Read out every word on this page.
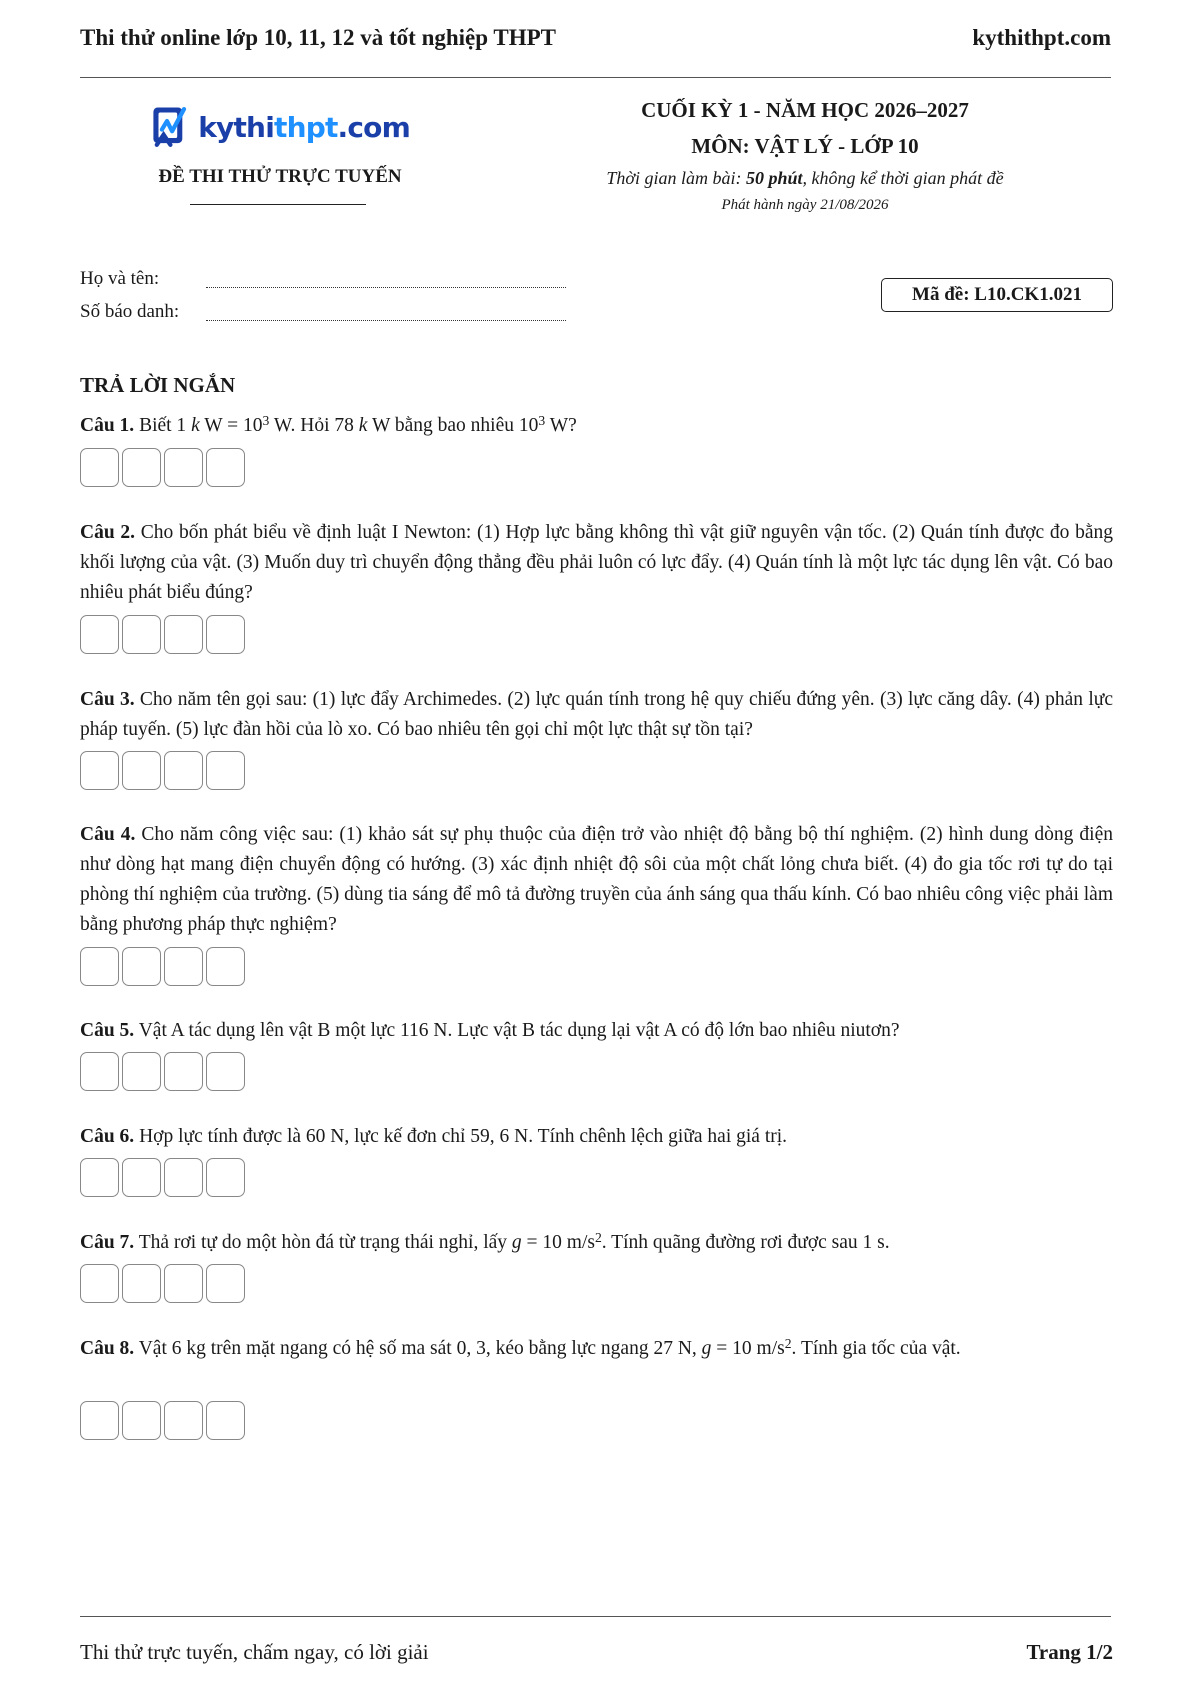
Thi thử online lớp 10, 11, 12 và tốt nghiệp THPT	kythithpt.com
kythithpt.com
ĐỀ THI THỬ TRỰC TUYẾN
CUỐI KỲ 1 - NĂM HỌC 2026–2027
MÔN: VẬT LÝ - LỚP 10
Thời gian làm bài: 50 phút, không kể thời gian phát đề
Phát hành ngày 21/08/2026
Họ và tên:
Số báo danh:
Mã đề: L10.CK1.021
TRẢ LỜI NGẮN
Câu 1. Biết 1 k $W = 10^3$ W. Hỏi 78 k W bằng bao nhiêu $10^3$ W?
Câu 2. Cho bốn phát biểu về định luật I Newton: (1) Hợp lực bằng không thì vật giữ nguyên vận tốc. (2) Quán tính được đo bằng khối lượng của vật. (3) Muốn duy trì chuyển động thẳng đều phải luôn có lực đẩy. (4) Quán tính là một lực tác dụng lên vật. Có bao nhiêu phát biểu đúng?
Câu 3. Cho năm tên gọi sau: (1) lực đẩy Archimedes. (2) lực quán tính trong hệ quy chiếu đứng yên. (3) lực căng dây. (4) phản lực pháp tuyến. (5) lực đàn hồi của lò xo. Có bao nhiêu tên gọi chỉ một lực thật sự tồn tại?
Câu 4. Cho năm công việc sau: (1) khảo sát sự phụ thuộc của điện trở vào nhiệt độ bằng bộ thí nghiệm. (2) hình dung dòng điện như dòng hạt mang điện chuyển động có hướng. (3) xác định nhiệt độ sôi của một chất lỏng chưa biết. (4) đo gia tốc rơi tự do tại phòng thí nghiệm của trường. (5) dùng tia sáng để mô tả đường truyền của ánh sáng qua thấu kính. Có bao nhiêu công việc phải làm bằng phương pháp thực nghiệm?
Câu 5. Vật A tác dụng lên vật B một lực 116 N. Lực vật B tác dụng lại vật A có độ lớn bao nhiêu niutơn?
Câu 6. Hợp lực tính được là 60 N, lực kế đơn chỉ 59, 6 N. Tính chênh lệch giữa hai giá trị.
Câu 7. Thả rơi tự do một hòn đá từ trạng thái nghỉ, lấy g = 10 $m/s^2$. Tính quãng đường rơi được sau 1 s.
Câu 8. Vật 6 kg trên mặt ngang có hệ số ma sát 0, 3, kéo bằng lực ngang 27 N, g = 10 $m/s^2$. Tính gia tốc của vật.
Thi thử trực tuyến, chấm ngay, có lời giải	Trang 1/2
